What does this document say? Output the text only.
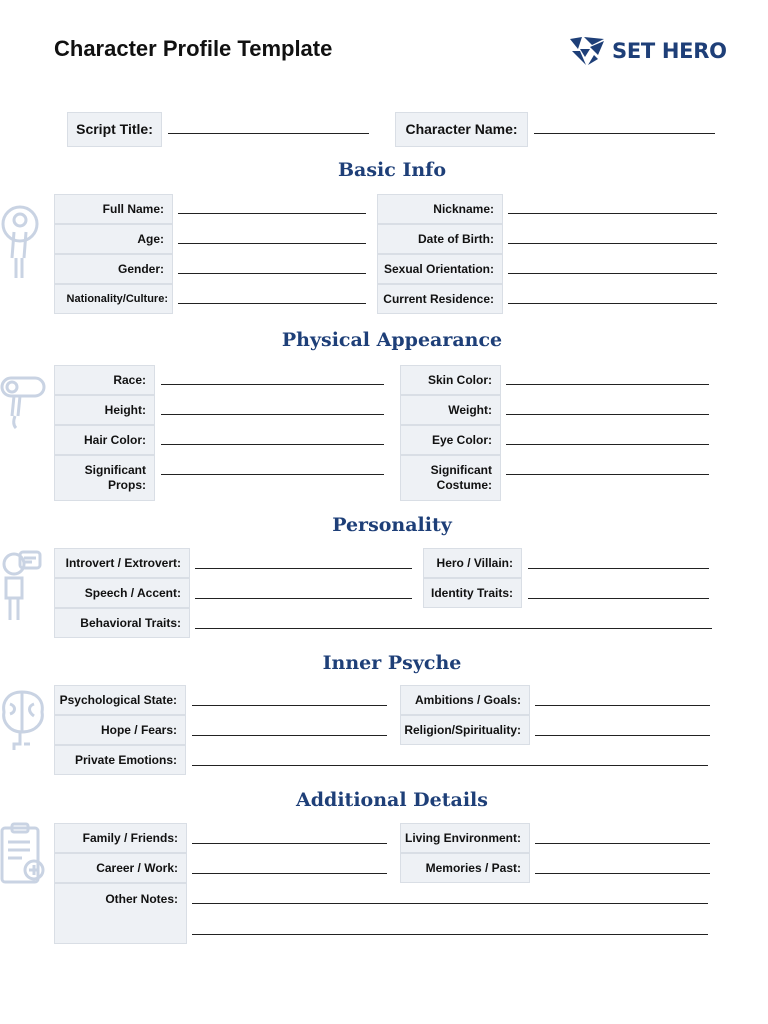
Character Profile Template	SET HERO
Script Title:	Character Name:
Basic Info
Full Name:
Age:
Gender:
Nationality/Culture:
Nickname:
Date of Birth:
Sexual Orientation:
Current Residence:
Physical Appearance
Race:
Height:
Hair Color:
Significant Props:
Skin Color:
Weight:
Eye Color:
Significant Costume:
Personality
Introvert / Extrovert:
Speech / Accent:
Behavioral Traits:
Hero / Villain:
Identity Traits:
Inner Psyche
Psychological State:
Hope / Fears:
Private Emotions:
Ambitions / Goals:
Religion/Spirituality:
Additional Details
Family / Friends:
Career / Work:
Other Notes:
Living Environment:
Memories / Past:
